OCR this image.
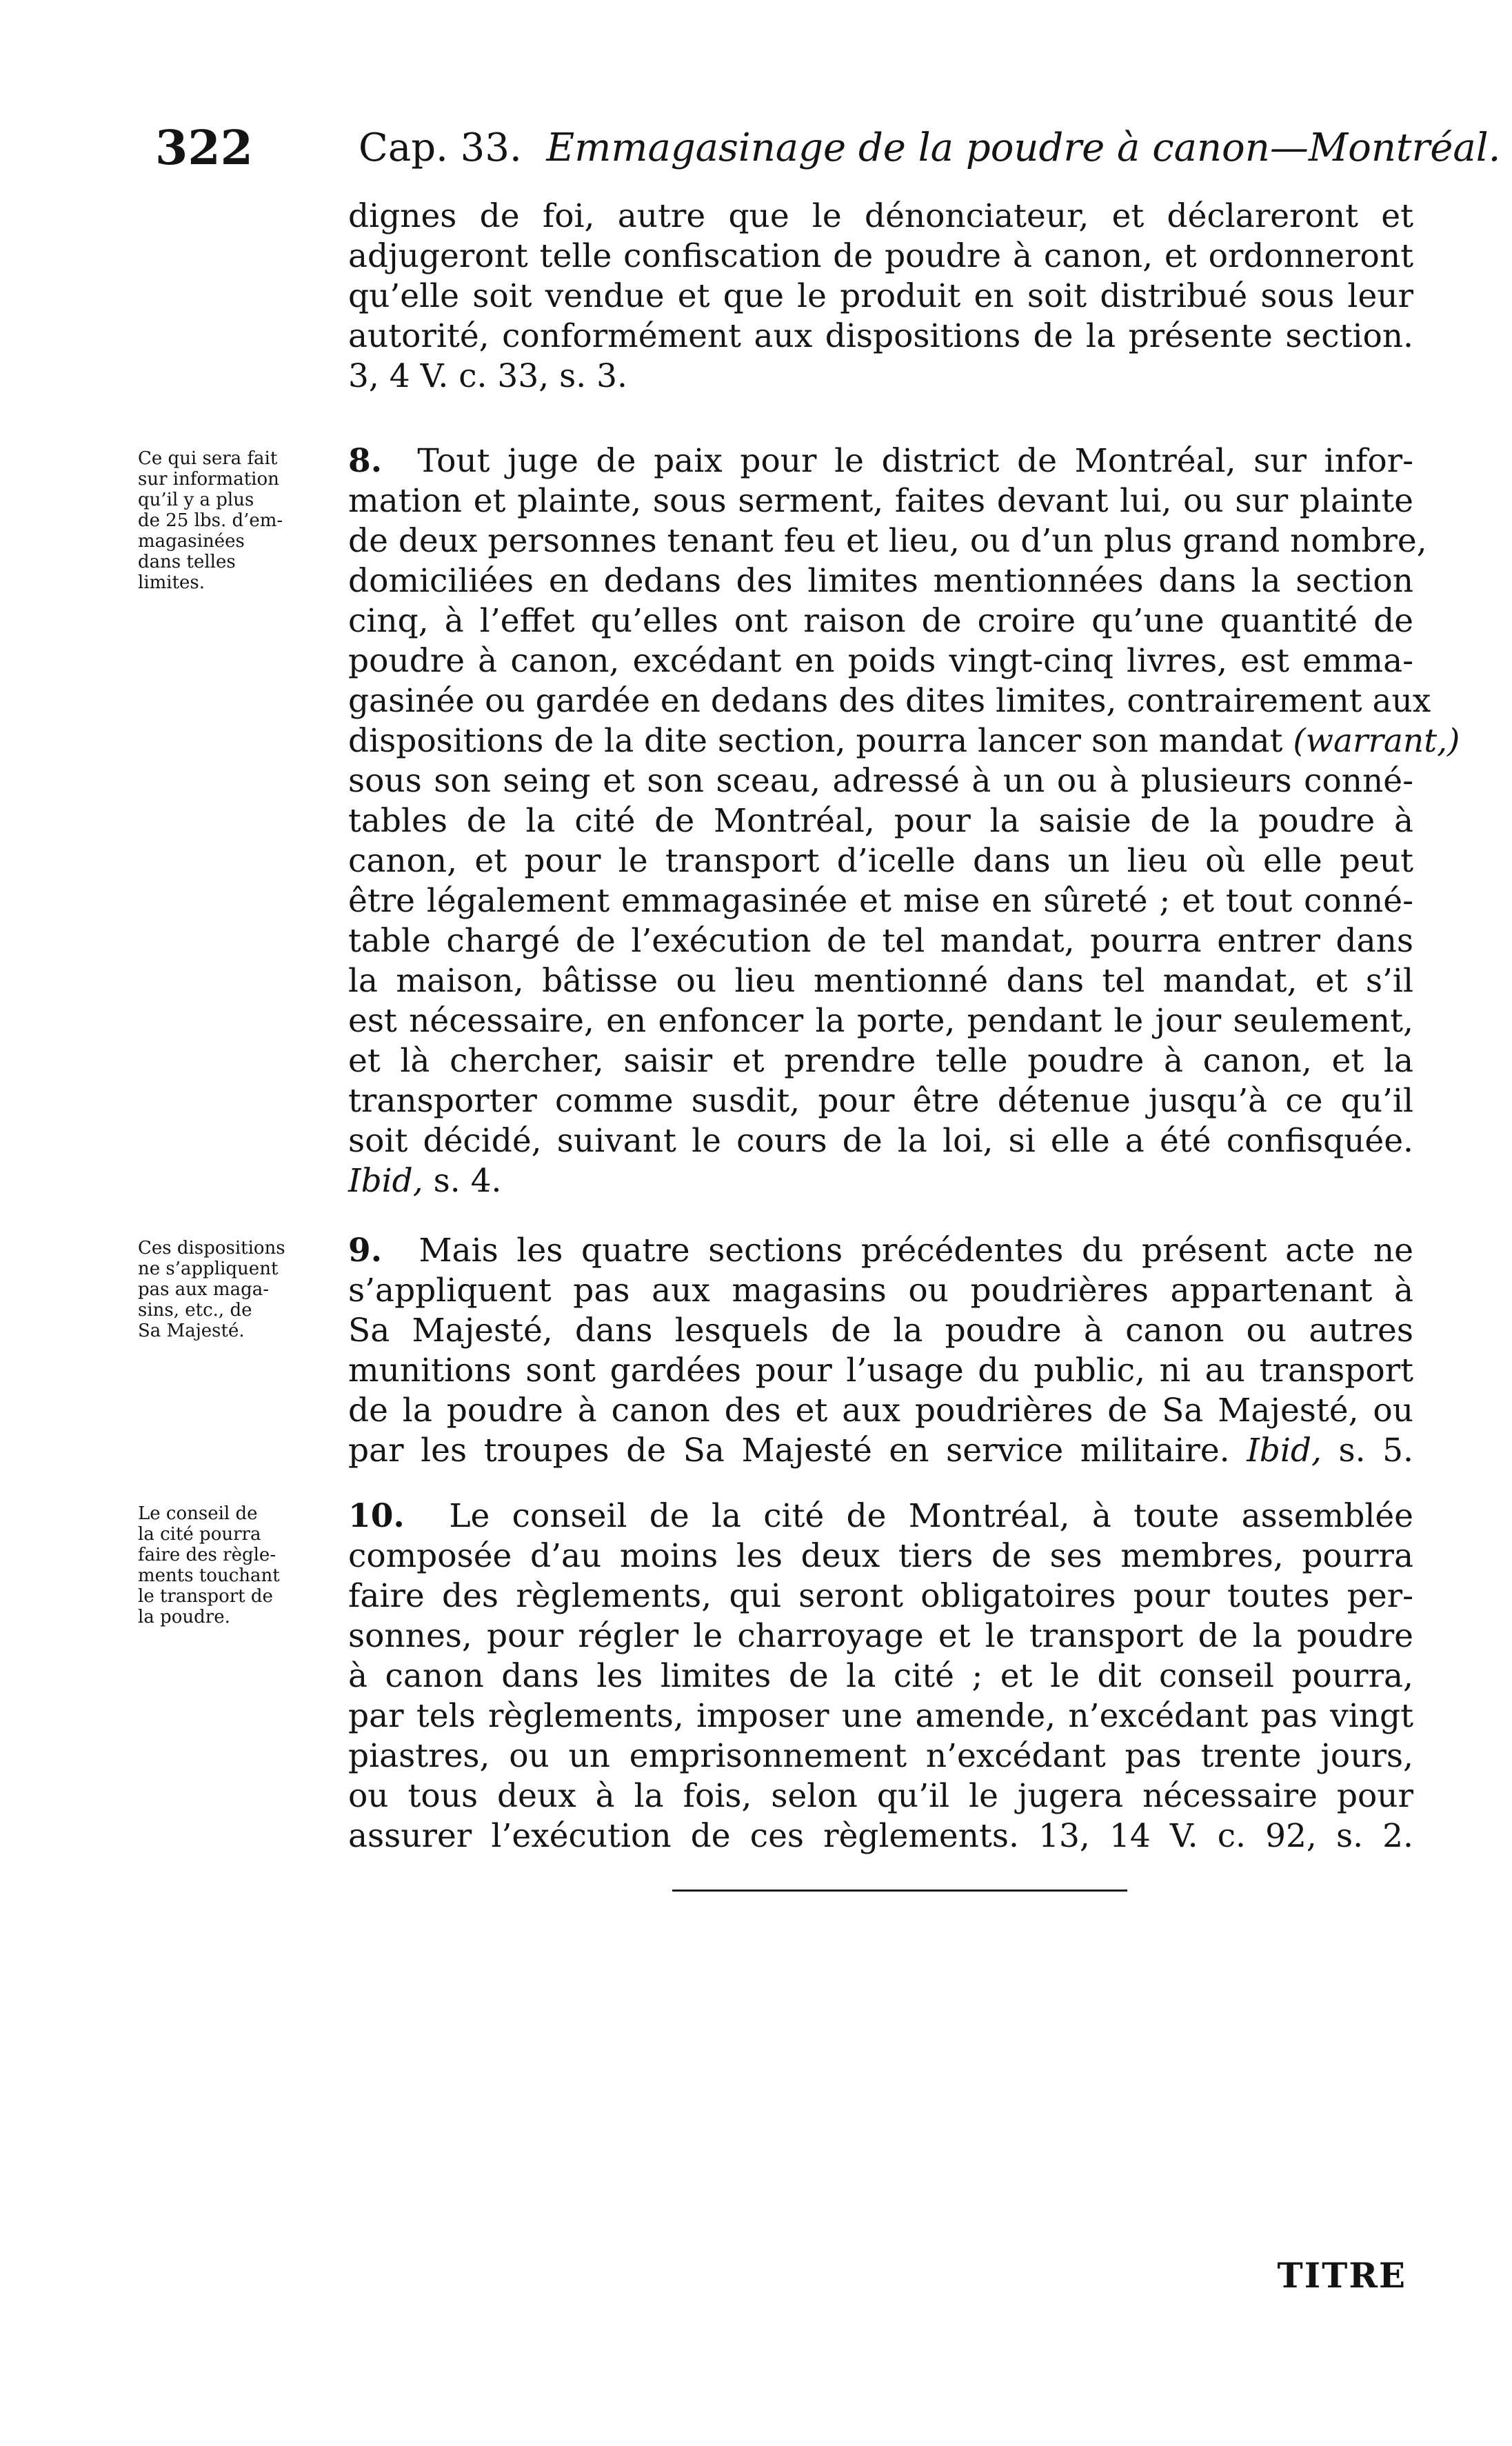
322	Cap. 33. Emmagasinage de la poudre à canon—Montréal.
dignes de foi, autre que le dénonciateur, et déclareront et
adjugeront telle confiscation de poudre à canon, et ordonneront
qu’elle soit vendue et que le produit en soit distribué sous leur
autorité, conformément aux dispositions de la présente section.
3, 4 V. c. 33, s. 3.
Ce qui sera fait
sur information
qu’il y a plus
de 25 lbs. d’em-
magasinées
dans telles
limites.
8. Tout juge de paix pour le district de Montréal, sur infor-
mation et plainte, sous serment, faites devant lui, ou sur plainte
de deux personnes tenant feu et lieu, ou d’un plus grand nombre,
domiciliées en dedans des limites mentionnées dans la section
cinq, à l’effet qu’elles ont raison de croire qu’une quantité de
poudre à canon, excédant en poids vingt-cinq livres, est emma-
gasinée ou gardée en dedans des dites limites, contrairement aux
dispositions de la dite section, pourra lancer son mandat (warrant,)
sous son seing et son sceau, adressé à un ou à plusieurs conné-
tables de la cité de Montréal, pour la saisie de la poudre à
canon, et pour le transport d’icelle dans un lieu où elle peut
être légalement emmagasinée et mise en sûreté ; et tout conné-
table chargé de l’exécution de tel mandat, pourra entrer dans
la maison, bâtisse ou lieu mentionné dans tel mandat, et s’il
est nécessaire, en enfoncer la porte, pendant le jour seulement,
et là chercher, saisir et prendre telle poudre à canon, et la
transporter comme susdit, pour être détenue jusqu’à ce qu’il
soit décidé, suivant le cours de la loi, si elle a été confisquée.
Ibid, s. 4.
Ces dispositions
ne s’appliquent
pas aux maga-
sins, etc., de
Sa Majesté.
9. Mais les quatre sections précédentes du présent acte ne
s’appliquent pas aux magasins ou poudrières appartenant à
Sa Majesté, dans lesquels de la poudre à canon ou autres
munitions sont gardées pour l’usage du public, ni au transport
de la poudre à canon des et aux poudrières de Sa Majesté, ou
par les troupes de Sa Majesté en service militaire. Ibid, s. 5.
Le conseil de
la cité pourra
faire des règle-
ments touchant
le transport de
la poudre.
10. Le conseil de la cité de Montréal, à toute assemblée
composée d’au moins les deux tiers de ses membres, pourra
faire des règlements, qui seront obligatoires pour toutes per-
sonnes, pour régler le charroyage et le transport de la poudre
à canon dans les limites de la cité ; et le dit conseil pourra,
par tels règlements, imposer une amende, n’excédant pas vingt
piastres, ou un emprisonnement n’excédant pas trente jours,
ou tous deux à la fois, selon qu’il le jugera nécessaire pour
assurer l’exécution de ces règlements. 13, 14 V. c. 92, s. 2.
TITRE
